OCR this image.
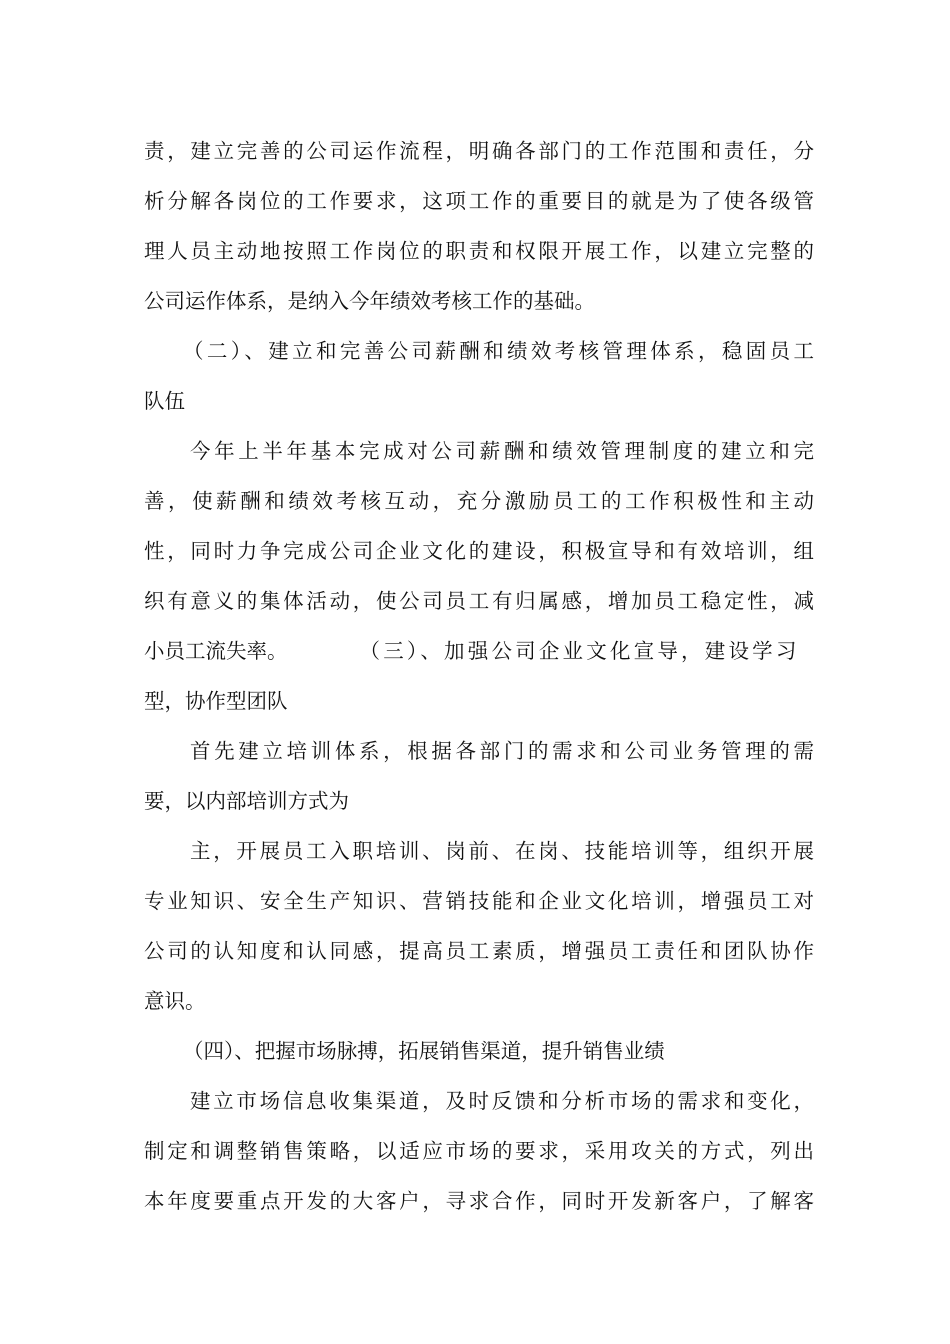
责，建立完善的公司运作流程，明确各部门的工作范围和责任，分
析分解各岗位的工作要求，这项工作的重要目的就是为了使各级管
理人员主动地按照工作岗位的职责和权限开展工作，以建立完整的
公司运作体系，是纳入今年绩效考核工作的基础。
（二）、建立和完善公司薪酬和绩效考核管理体系，稳固员工
队伍
今年上半年基本完成对公司薪酬和绩效管理制度的建立和完
善，使薪酬和绩效考核互动，充分激励员工的工作积极性和主动
性，同时力争完成公司企业文化的建设，积极宣导和有效培训，组
织有意义的集体活动，使公司员工有归属感，增加员工稳定性，减
小员工流失率。	（三）、加强公司企业文化宣导，建设学习
型，协作型团队
首先建立培训体系，根据各部门的需求和公司业务管理的需
要，以内部培训方式为
主，开展员工入职培训、岗前、在岗、技能培训等，组织开展
专业知识、安全生产知识、营销技能和企业文化培训，增强员工对
公司的认知度和认同感，提高员工素质，增强员工责任和团队协作
意识。
（四）、把握市场脉搏，拓展销售渠道，提升销售业绩
建立市场信息收集渠道，及时反馈和分析市场的需求和变化，
制定和调整销售策略，以适应市场的要求，采用攻关的方式，列出
本年度要重点开发的大客户，寻求合作，同时开发新客户，了解客
